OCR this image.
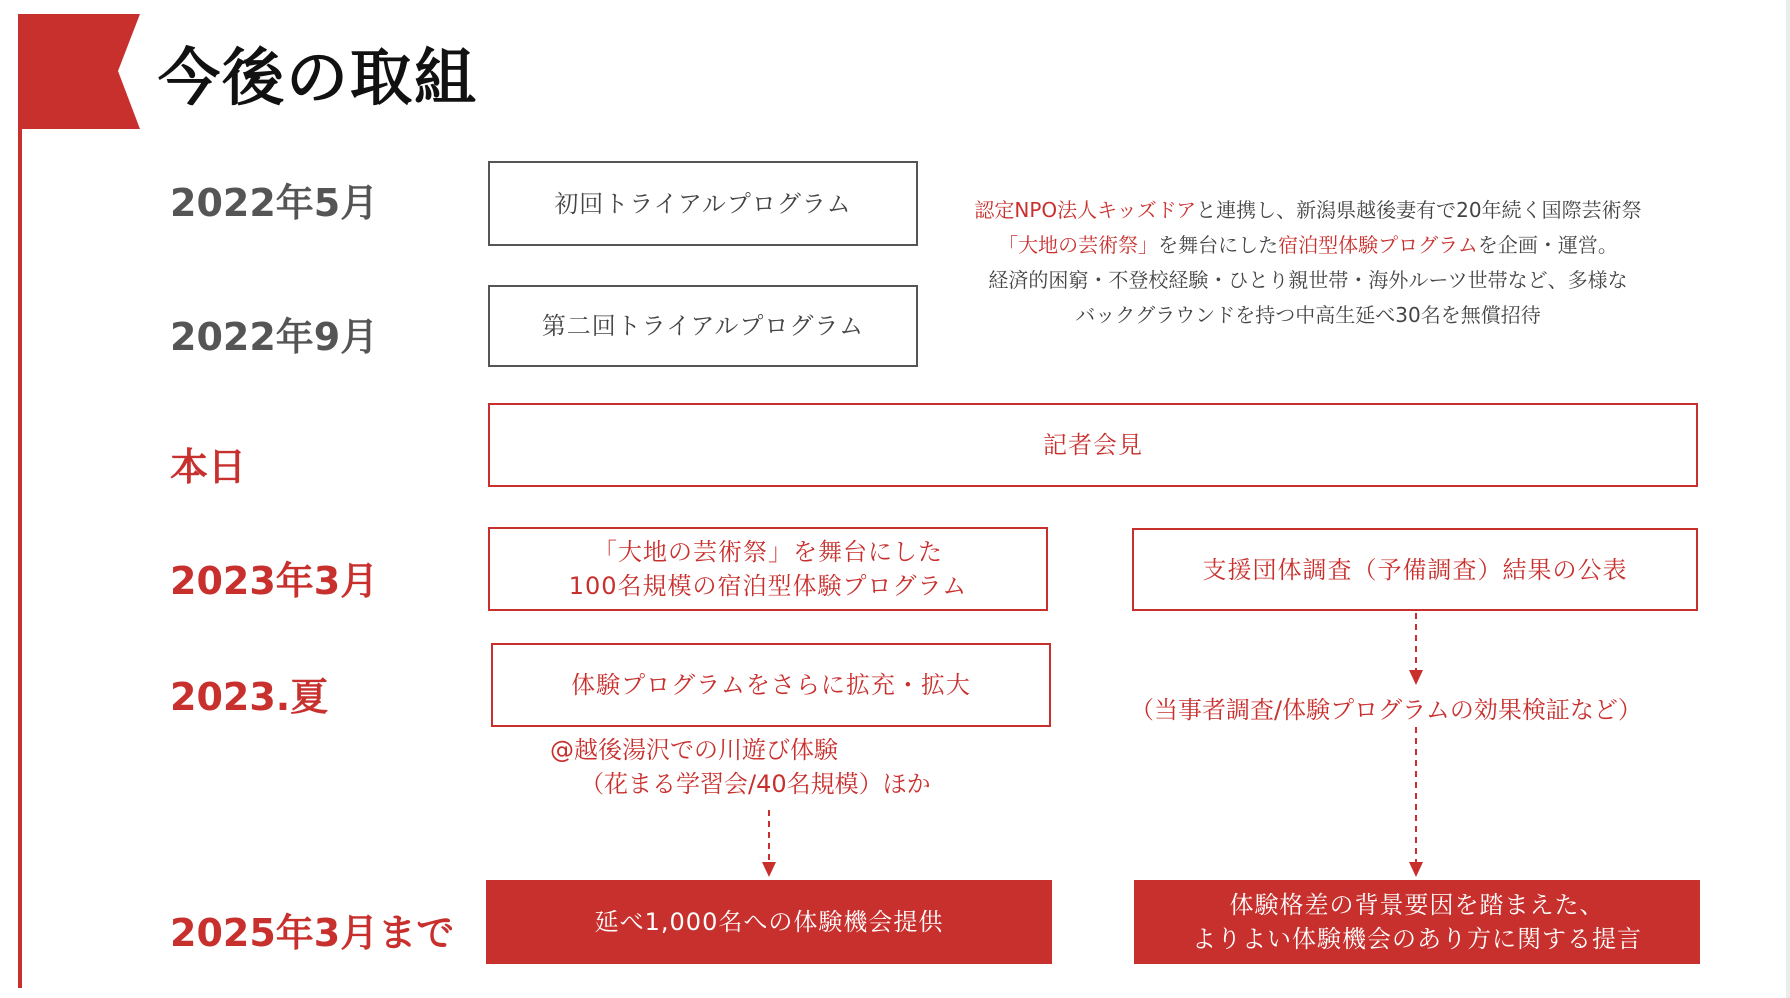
今後の取組
2022年5月
2022年9月
本日
2023年3月
2023.夏
2025年3月まで
初回トライアルプログラム
第二回トライアルプログラム
認定NPO法人キッズドアと連携し、新潟県越後妻有で20年続く国際芸術祭
「大地の芸術祭」を舞台にした宿泊型体験プログラムを企画・運営。
経済的困窮・不登校経験・ひとり親世帯・海外ルーツ世帯など、多様な
バックグラウンドを持つ中高生延べ30名を無償招待
記者会見
「大地の芸術祭」を舞台にした
100名規模の宿泊型体験プログラム
支援団体調査（予備調査）結果の公表
体験プログラムをさらに拡充・拡大
@越後湯沢での川遊び体験
（花まる学習会/40名規模）ほか
（当事者調査/体験プログラムの効果検証など）
延べ1,000名への体験機会提供
体験格差の背景要因を踏まえた、
よりよい体験機会のあり方に関する提言
